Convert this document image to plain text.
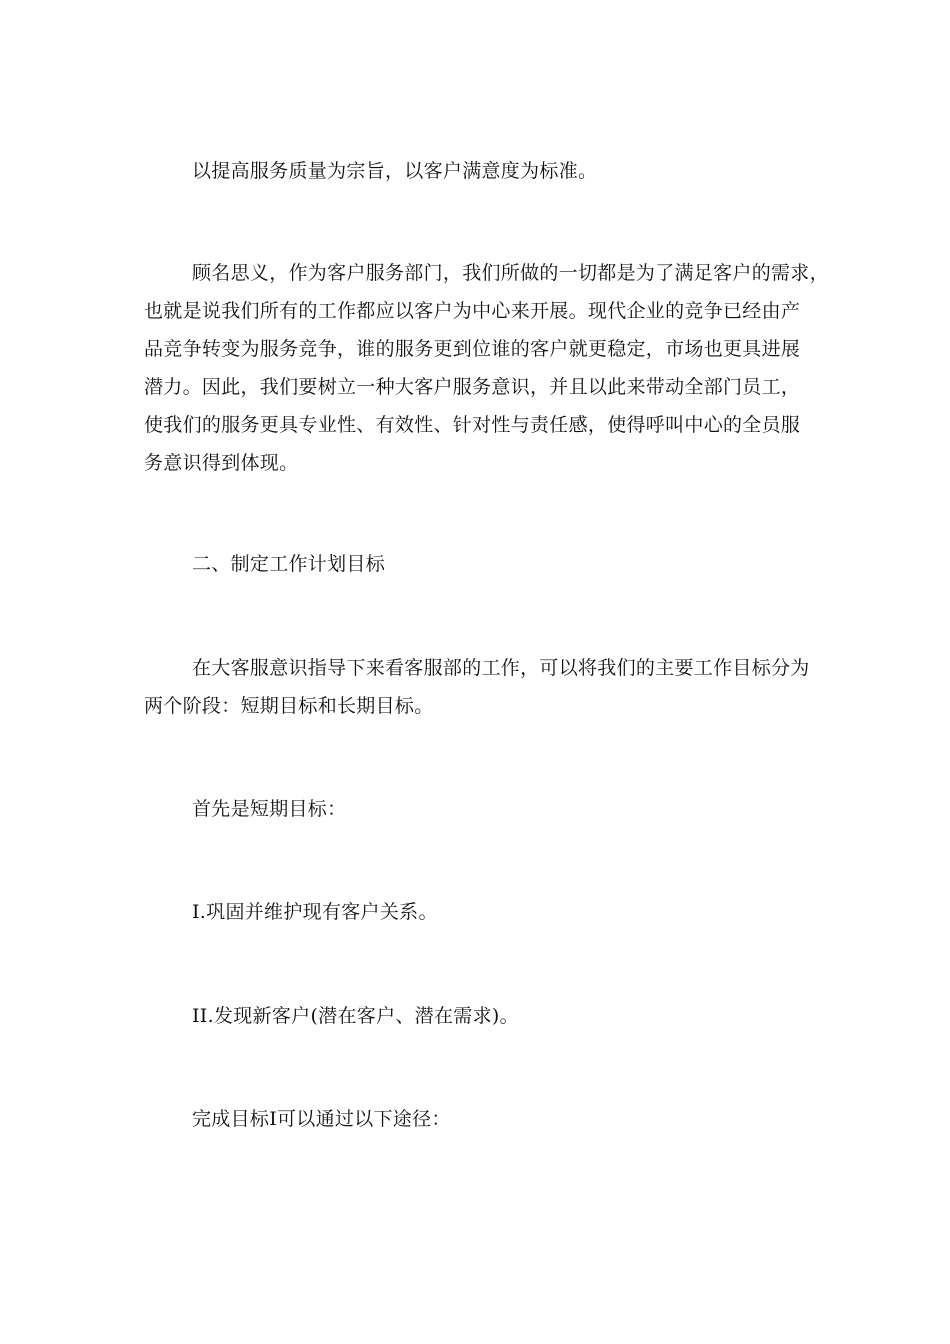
以提高服务质量为宗旨，以客户满意度为标准。

顾名思义，作为客户服务部门，我们所做的一切都是为了满足客户的需求，
也就是说我们所有的工作都应以客户为中心来开展。现代企业的竞争已经由产
品竞争转变为服务竞争，谁的服务更到位谁的客户就更稳定，市场也更具进展
潜力。因此，我们要树立一种大客户服务意识，并且以此来带动全部门员工，
使我们的服务更具专业性、有效性、针对性与责任感，使得呼叫中心的全员服
务意识得到体现。

二、制定工作计划目标

在大客服意识指导下来看客服部的工作，可以将我们的主要工作目标分为
两个阶段：短期目标和长期目标。

首先是短期目标：

I.巩固并维护现有客户关系。

II.发现新客户(潜在客户、潜在需求)。

完成目标I可以通过以下途径：
